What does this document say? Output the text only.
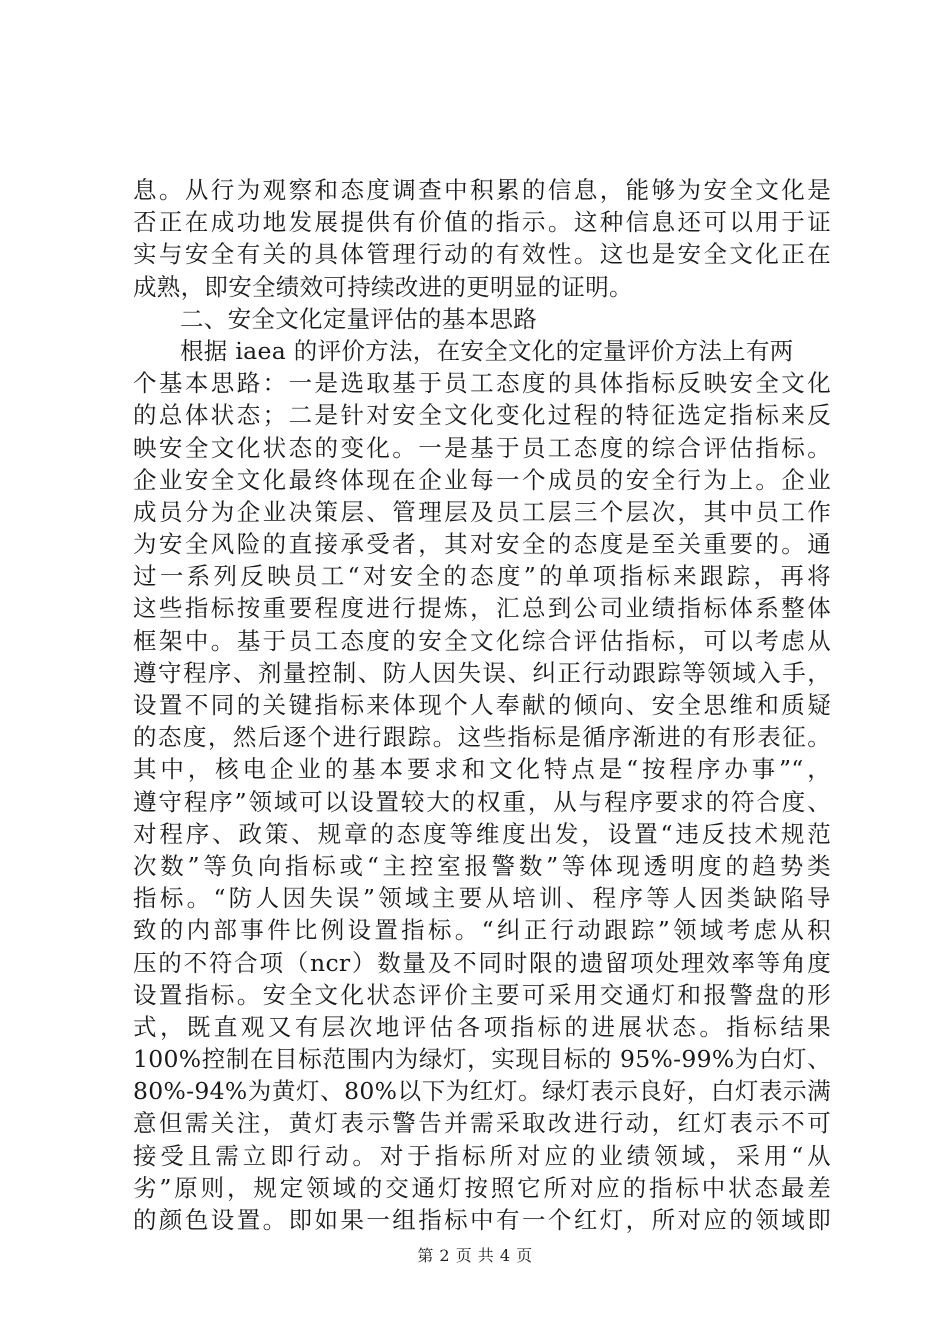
息。从行为观察和态度调查中积累的信息，能够为安全文化是
否正在成功地发展提供有价值的指示。这种信息还可以用于证
实与安全有关的具体管理行动的有效性。这也是安全文化正在
成熟，即安全绩效可持续改进的更明显的证明。
二、安全文化定量评估的基本思路
根据 iaea 的评价方法，在安全文化的定量评价方法上有两
个基本思路：一是选取基于员工态度的具体指标反映安全文化
的总体状态；二是针对安全文化变化过程的特征选定指标来反
映安全文化状态的变化。一是基于员工态度的综合评估指标。
企业安全文化最终体现在企业每一个成员的安全行为上。企业
成员分为企业决策层、管理层及员工层三个层次，其中员工作
为安全风险的直接承受者，其对安全的态度是至关重要的。通
过一系列反映员工“对安全的态度”的单项指标来跟踪，再将
这些指标按重要程度进行提炼，汇总到公司业绩指标体系整体
框架中。基于员工态度的安全文化综合评估指标，可以考虑从
遵守程序、剂量控制、防人因失误、纠正行动跟踪等领域入手，
设置不同的关键指标来体现个人奉献的倾向、安全思维和质疑
的态度，然后逐个进行跟踪。这些指标是循序渐进的有形表征。
其中，核电企业的基本要求和文化特点是“按程序办事”“，
遵守程序”领域可以设置较大的权重，从与程序要求的符合度、
对程序、政策、规章的态度等维度出发，设置“违反技术规范
次数”等负向指标或“主控室报警数”等体现透明度的趋势类
指标。“防人因失误”领域主要从培训、程序等人因类缺陷导
致的内部事件比例设置指标。“纠正行动跟踪”领域考虑从积
压的不符合项（ncr）数量及不同时限的遗留项处理效率等角度
设置指标。安全文化状态评价主要可采用交通灯和报警盘的形
式，既直观又有层次地评估各项指标的进展状态。指标结果
100%控制在目标范围内为绿灯，实现目标的 95%-99%为白灯、
80%-94%为黄灯、80%以下为红灯。绿灯表示良好，白灯表示满
意但需关注，黄灯表示警告并需采取改进行动，红灯表示不可
接受且需立即行动。对于指标所对应的业绩领域，采用“从
劣”原则，规定领域的交通灯按照它所对应的指标中状态最差
的颜色设置。即如果一组指标中有一个红灯，所对应的领域即
第 2 页 共 4 页
